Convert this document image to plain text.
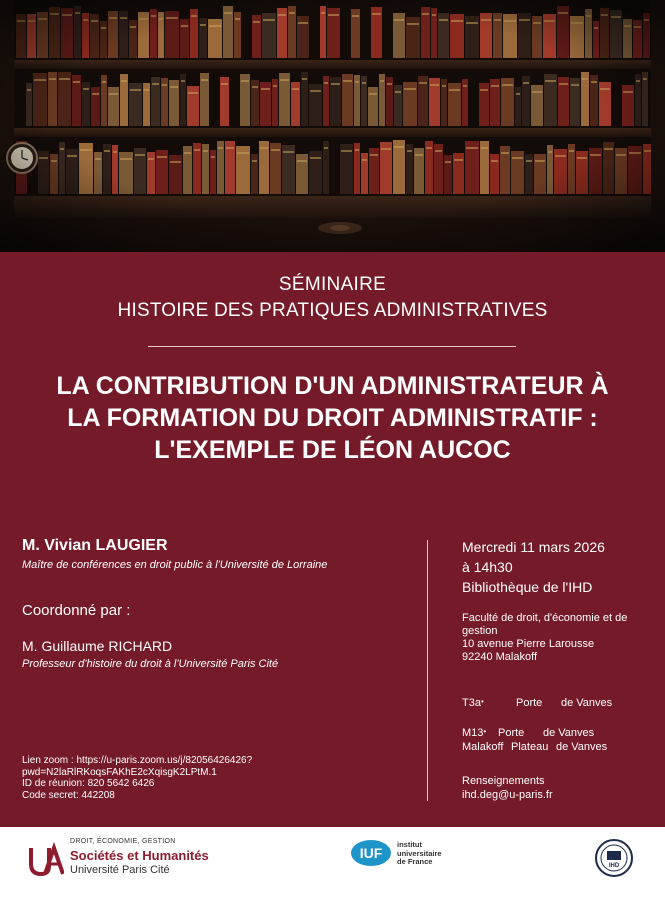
SÉMINAIRE
HISTOIRE DES PRATIQUES ADMINISTRATIVES
LA CONTRIBUTION D'UN ADMINISTRATEUR À
LA FORMATION DU DROIT ADMINISTRATIF :
L'EXEMPLE DE LÉON AUCOC
M. Vivian LAUGIER
Maître de conférences en droit public à l'Université de Lorraine
Coordonné par :
M. Guillaume RICHARD
Professeur d'histoire du droit à l'Université Paris Cité
Lien zoom : https://u-paris.zoom.us/j/82056426426?
pwd=N2laRlRKoqsFAKhE2cXqisgK2LPtM.1
ID de réunion: 820 5642 6426
Code secret: 442208
Mercredi 11 mars 2026
à 14h30
Bibliothèque de l'IHD
Faculté de droit, d'économie et de gestion
10 avenue Pierre Larousse
92240 Malakoff
T3a•	Porte de Vanves
M13• Porte de Vanves
Malakoff Plateau de Vanves
Renseignements
ihd.deg@u-paris.fr
DROIT, ÉCONOMIE, GESTION
Sociétés et Humanités
Université Paris Cité
IUF
institut
universitaire
de France	IHD
